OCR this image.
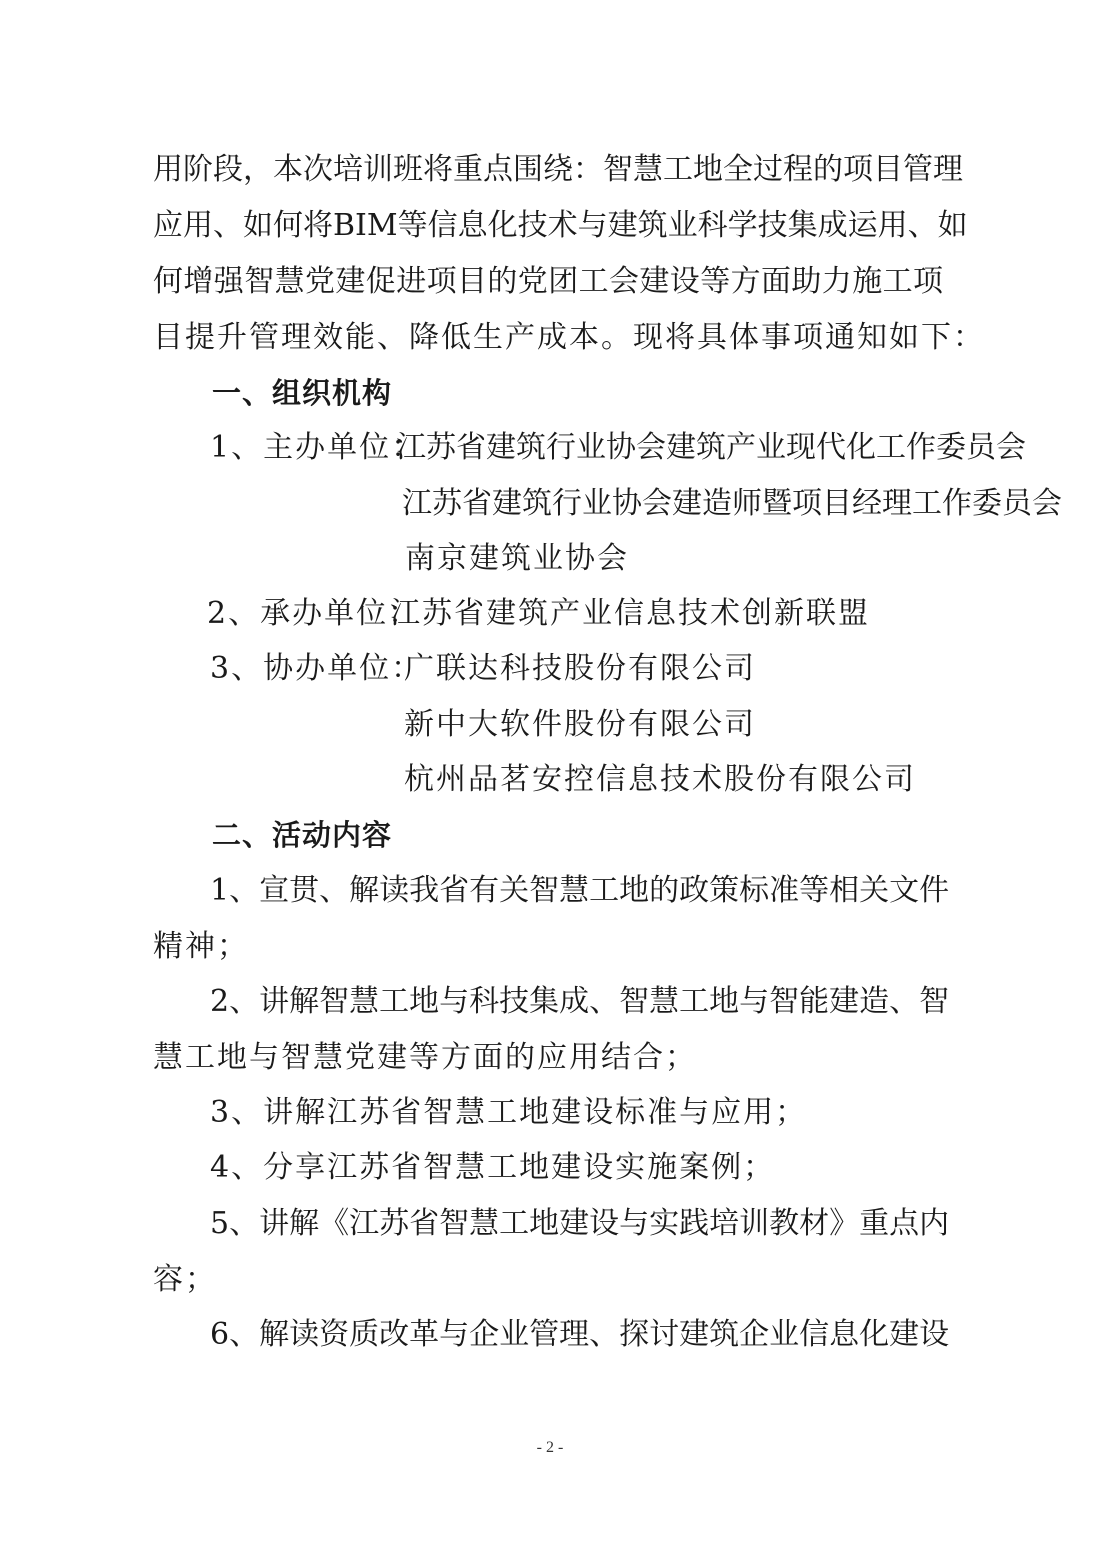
用阶段，本次培训班将重点围绕：智慧工地全过程的项目管理
应用、如何将BIM等信息化技术与建筑业科学技集成运用、如
何增强智慧党建促进项目的党团工会建设等方面助力施工项
目提升管理效能、降低生产成本。现将具体事项通知如下：
一、组织机构
1、主办单位：
江苏省建筑行业协会建筑产业现代化工作委员会
江苏省建筑行业协会建造师暨项目经理工作委员会
南京建筑业协会
2、承办单位：
江苏省建筑产业信息技术创新联盟
3、协办单位：
广联达科技股份有限公司
新中大软件股份有限公司
杭州品茗安控信息技术股份有限公司
二、活动内容
1、宣贯、解读我省有关智慧工地的政策标准等相关文件
精神；
2、讲解智慧工地与科技集成、智慧工地与智能建造、智
慧工地与智慧党建等方面的应用结合；
3、讲解江苏省智慧工地建设标准与应用；
4、分享江苏省智慧工地建设实施案例；
5、讲解《江苏省智慧工地建设与实践培训教材》重点内
容；
6、解读资质改革与企业管理、探讨建筑企业信息化建设
- 2 -
